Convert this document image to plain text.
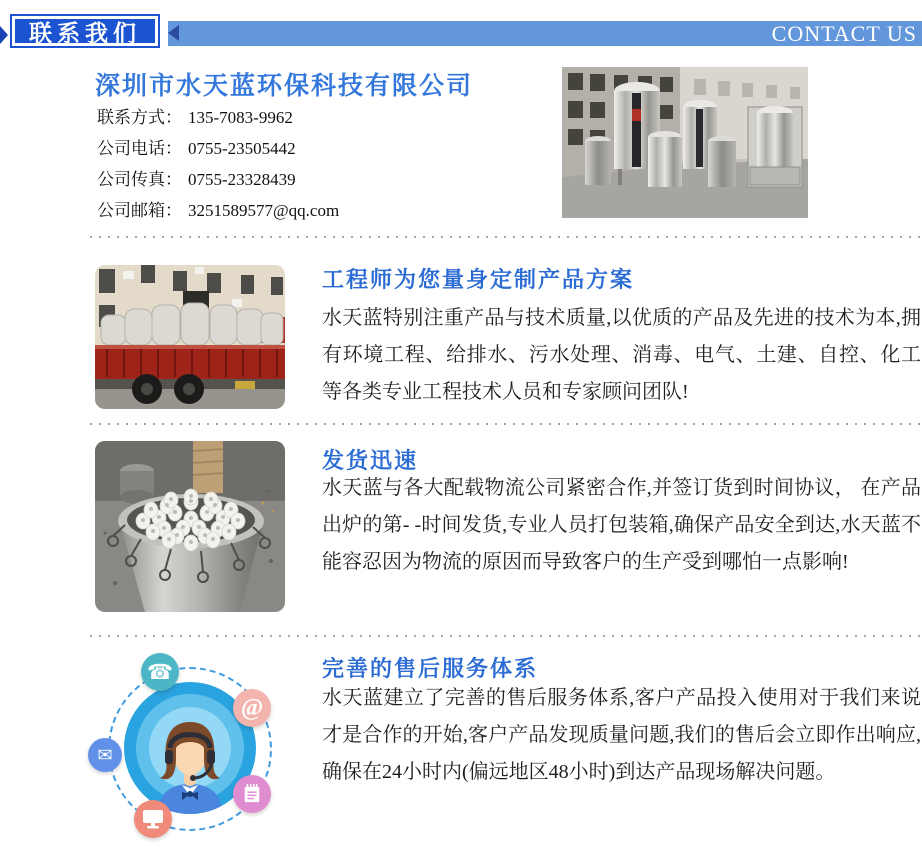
联系我们	CONTACT US
深圳市水天蓝环保科技有限公司
联系方式： 135-7083-9962
公司电话： 0755-23505442
公司传真： 0755-23328439
公司邮箱： 3251589577@qq.com
工程师为您量身定制产品方案
水天蓝特别注重产品与技术质量,以优质的产品及先进的技术为本,拥有环境工程、给排水、污水处理、消毒、电气、土建、自控、化工等各类专业工程技术人员和专家顾问团队!
发货迅速
水天蓝与各大配载物流公司紧密合作,并签订货到时间协议， 在产品出炉的第- -时间发货,专业人员打包装箱,确保产品安全到达,水天蓝不能容忍因为物流的原因而导致客户的生产受到哪怕一点影响!
☎
@
✉
完善的售后服务体系
水天蓝建立了完善的售后服务体系,客户产品投入使用对于我们来说才是合作的开始,客户产品发现质量问题,我们的售后会立即作出响应,确保在24小时内(偏远地区48小时)到达产品现场解决问题。
